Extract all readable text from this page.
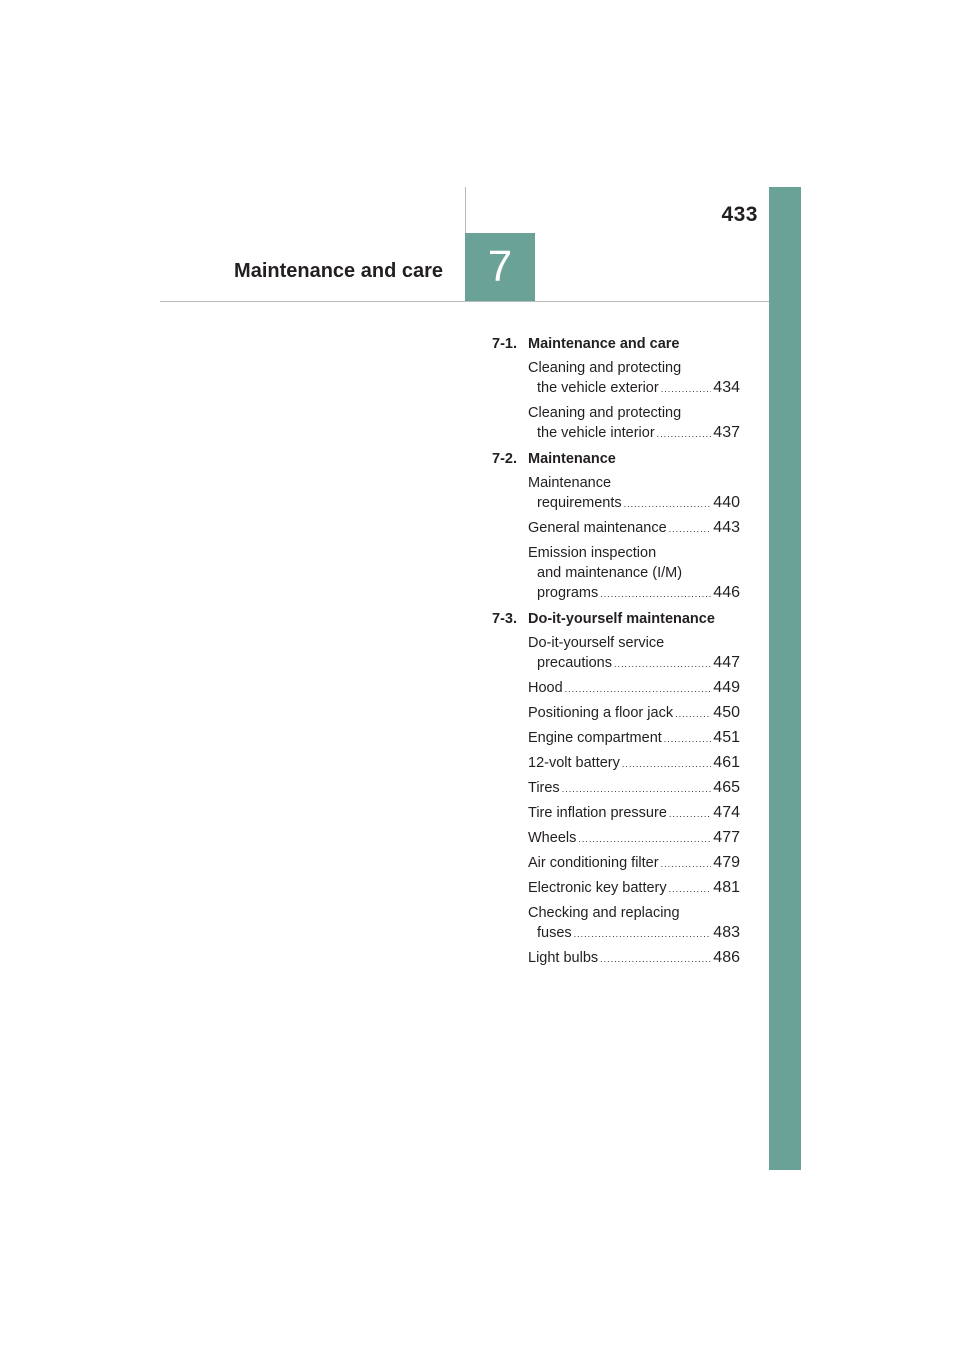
433
Maintenance and care	7
7-1. Maintenance and care
Cleaning and protecting
the vehicle exterior .....	434
Cleaning and protecting
the vehicle interior .....	437
7-2. Maintenance
Maintenance
requirements .....	440
General maintenance .....	443
Emission inspection
and maintenance (I/M)
programs .....	446
7-3. Do-it-yourself maintenance
Do-it-yourself service
precautions .....	447
Hood .....	449
Positioning a floor jack .....	450
Engine compartment .....	451
12-volt battery .....	461
Tires .....	465
Tire inflation pressure .....	474
Wheels .....	477
Air conditioning filter .....	479
Electronic key battery .....	481
Checking and replacing
fuses .....	483
Light bulbs .....	486
